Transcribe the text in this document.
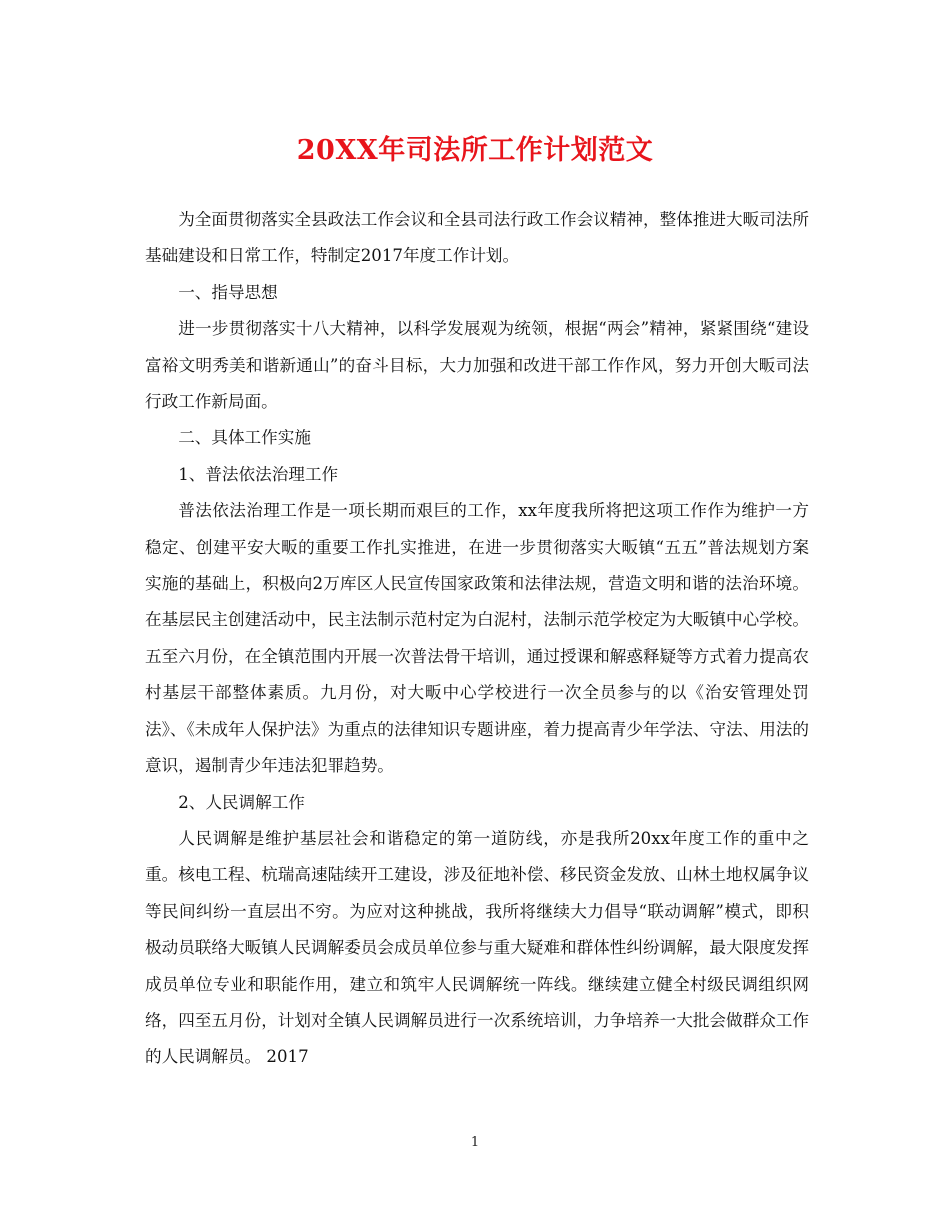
20XX年司法所工作计划范文

为全面贯彻落实全县政法工作会议和全县司法行政工作会议精神，整体推进大畈司法所基础建设和日常工作，特制定2017年度工作计划。

一、指导思想

进一步贯彻落实十八大精神，以科学发展观为统领，根据“两会”精神，紧紧围绕“建设富裕文明秀美和谐新通山”的奋斗目标，大力加强和改进干部工作作风，努力开创大畈司法行政工作新局面。

二、具体工作实施

1、普法依法治理工作

普法依法治理工作是一项长期而艰巨的工作，xx年度我所将把这项工作作为维护一方稳定、创建平安大畈的重要工作扎实推进，在进一步贯彻落实大畈镇“五五”普法规划方案实施的基础上，积极向2万库区人民宣传国家政策和法律法规，营造文明和谐的法治环境。在基层民主创建活动中，民主法制示范村定为白泥村，法制示范学校定为大畈镇中心学校。五至六月份，在全镇范围内开展一次普法骨干培训，通过授课和解惑释疑等方式着力提高农村基层干部整体素质。九月份，对大畈中心学校进行一次全员参与的以《治安管理处罚法》、《未成年人保护法》为重点的法律知识专题讲座，着力提高青少年学法、守法、用法的意识，遏制青少年违法犯罪趋势。

2、人民调解工作

人民调解是维护基层社会和谐稳定的第一道防线，亦是我所20xx年度工作的重中之重。核电工程、杭瑞高速陆续开工建设，涉及征地补偿、移民资金发放、山林土地权属争议等民间纠纷一直层出不穷。为应对这种挑战，我所将继续大力倡导“联动调解”模式，即积极动员联络大畈镇人民调解委员会成员单位参与重大疑难和群体性纠纷调解，最大限度发挥成员单位专业和职能作用，建立和筑牢人民调解统一阵线。继续建立健全村级民调组织网络，四至五月份，计划对全镇人民调解员进行一次系统培训，力争培养一大批会做群众工作的人民调解员。 2017

1
